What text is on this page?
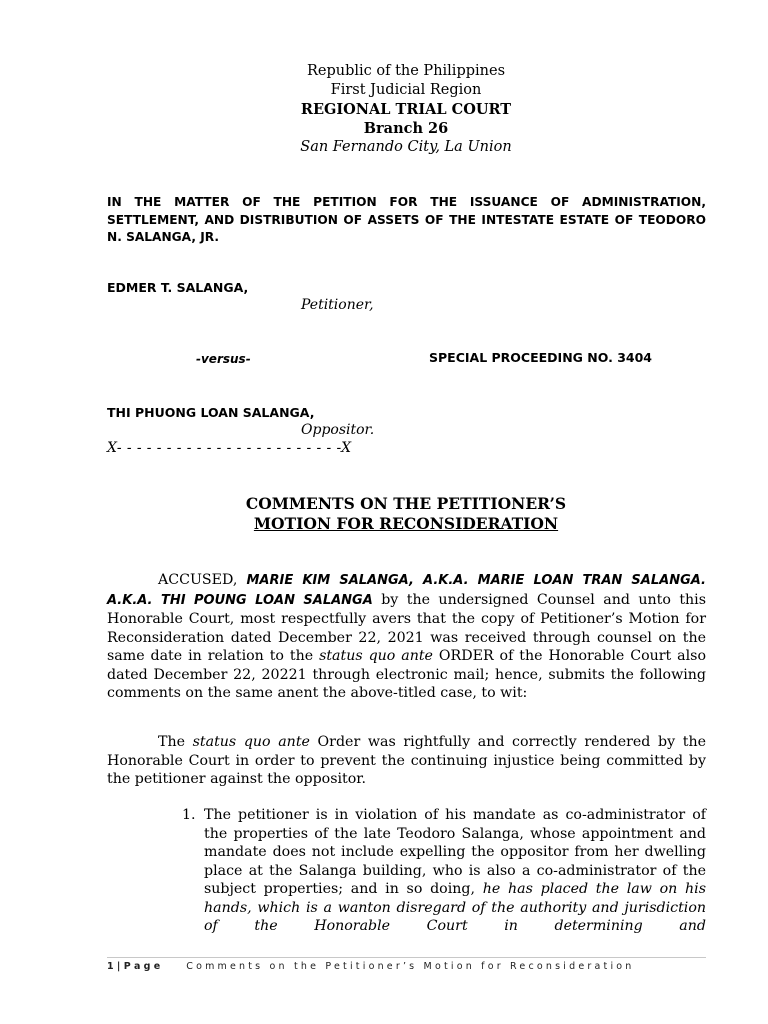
Republic of the Philippines
First Judicial Region
REGIONAL TRIAL COURT
Branch 26
San Fernando City, La Union
IN THE MATTER OF THE PETITION FOR THE ISSUANCE OF ADMINISTRATION, SETTLEMENT, AND DISTRIBUTION OF ASSETS OF THE INTESTATE ESTATE OF TEODORO N. SALANGA, JR.
EDMER T. SALANGA,
Petitioner,
-versus-	SPECIAL PROCEEDING NO. 3404
THI PHUONG LOAN SALANGA,
Oppositor.
X- - - - - - - - - - - - - - - - - - - - - - -X
COMMENTS ON THE PETITIONER’S
MOTION FOR RECONSIDERATION
ACCUSED, MARIE KIM SALANGA, A.K.A. MARIE LOAN TRAN SALANGA. A.K.A. THI POUNG LOAN SALANGA by the undersigned Counsel and unto this Honorable Court, most respectfully avers that the copy of Petitioner’s Motion for Reconsideration dated December 22, 2021 was received through counsel on the same date in relation to the status quo ante ORDER of the Honorable Court also dated December 22, 20221 through electronic mail; hence, submits the following comments on the same anent the above-titled case, to wit:
The status quo ante Order was rightfully and correctly rendered by the Honorable Court in order to prevent the continuing injustice being committed by the petitioner against the oppositor.
1. The petitioner is in violation of his mandate as co-administrator of the properties of the late Teodoro Salanga, whose appointment and mandate does not include expelling the oppositor from her dwelling place at the Salanga building, who is also a co-administrator of the subject properties; and in so doing, he has placed the law on his hands, which is a wanton disregard of the authority and jurisdiction of the Honorable Court in determining and
1 | P a g e	Comments on the Petitioner’s Motion for Reconsideration
